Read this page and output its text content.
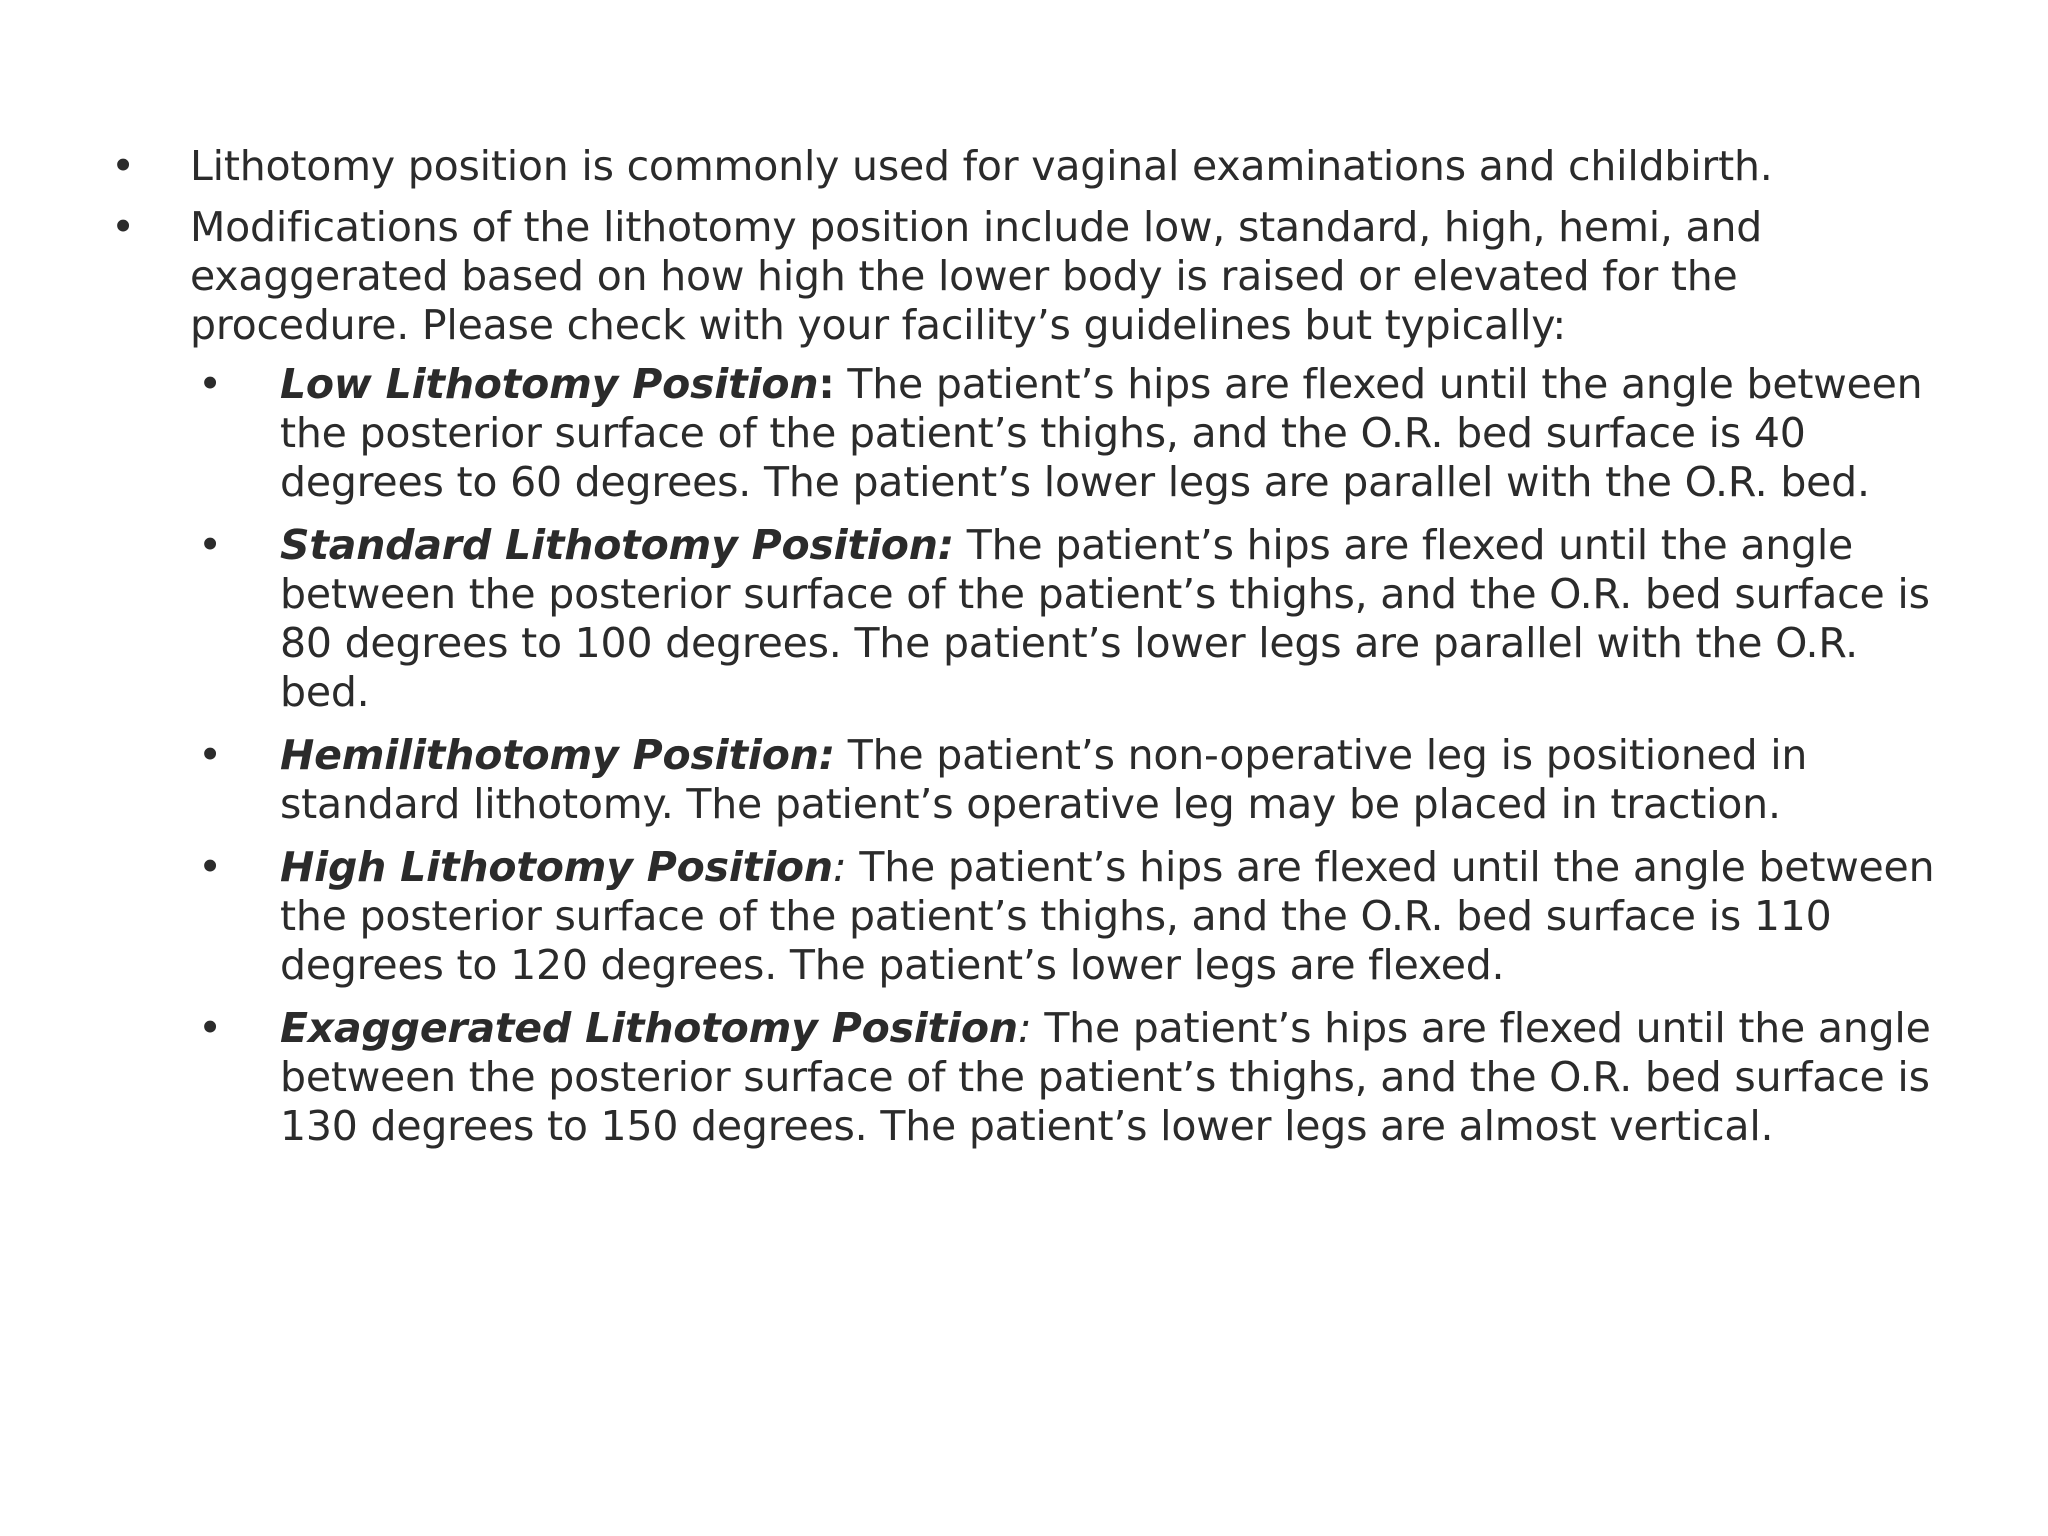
• Lithotomy position is commonly used for vaginal examinations and childbirth.
• Modifications of the lithotomy position include low, standard, high, hemi, and exaggerated based on how high the lower body is raised or elevated for the procedure. Please check with your facility’s guidelines but typically:
• Low Lithotomy Position: The patient’s hips are flexed until the angle between the posterior surface of the patient’s thighs, and the O.R. bed surface is 40 degrees to 60 degrees. The patient’s lower legs are parallel with the O.R. bed.
• Standard Lithotomy Position: The patient’s hips are flexed until the angle between the posterior surface of the patient’s thighs, and the O.R. bed surface is 80 degrees to 100 degrees. The patient’s lower legs are parallel with the O.R. bed.
• Hemilithotomy Position: The patient’s non-operative leg is positioned in standard lithotomy. The patient’s operative leg may be placed in traction.
• High Lithotomy Position: The patient’s hips are flexed until the angle between the posterior surface of the patient’s thighs, and the O.R. bed surface is 110 degrees to 120 degrees. The patient’s lower legs are flexed.
• Exaggerated Lithotomy Position: The patient’s hips are flexed until the angle between the posterior surface of the patient’s thighs, and the O.R. bed surface is 130 degrees to 150 degrees. The patient’s lower legs are almost vertical.
